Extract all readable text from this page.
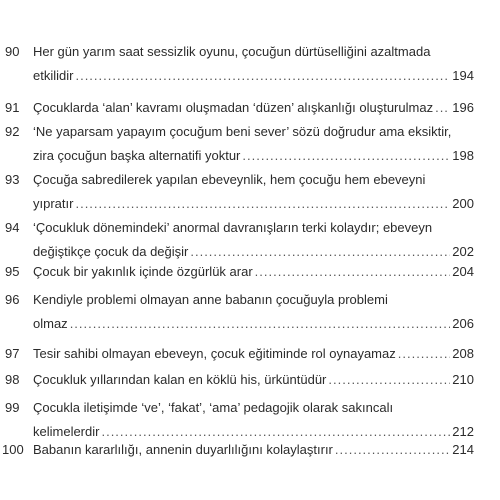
90 Her gün yarım saat sessizlik oyunu, çocuğun dürtüselliğini azaltmada
etkilidir .....	194
91 Çocuklarda ‘alan’ kavramı oluşmadan ‘düzen’ alışkanlığı oluşturulmaz ..... 196
92 ‘Ne yaparsam yapayım çocuğum beni sever’ sözü doğrudur ama eksiktir,
zira çocuğun başka alternatifi yoktur .....	198
93 Çocuğa sabredilerek yapılan ebeveynlik, hem çocuğu hem ebeveyni
yıpratır .....	200
94 ‘Çocukluk dönemindeki’ anormal davranışların terki kolaydır; ebeveyn
değiştikçe çocuk da değişir .....	202
95 Çocuk bir yakınlık içinde özgürlük arar .....	204
96 Kendiyle problemi olmayan anne babanın çocuğuyla problemi
olmaz .....	206
97 Tesir sahibi olmayan ebeveyn, çocuk eğitiminde rol oynayamaz .....	208
98 Çocukluk yıllarından kalan en köklü his, ürküntüdür .....	210
99 Çocukla iletişimde ‘ve’, ‘fakat’, ‘ama’ pedagojik olarak sakıncalı
kelimelerdir .....	212
100 Babanın kararlılığı, annenin duyarlılığını kolaylaştırır .....	214
